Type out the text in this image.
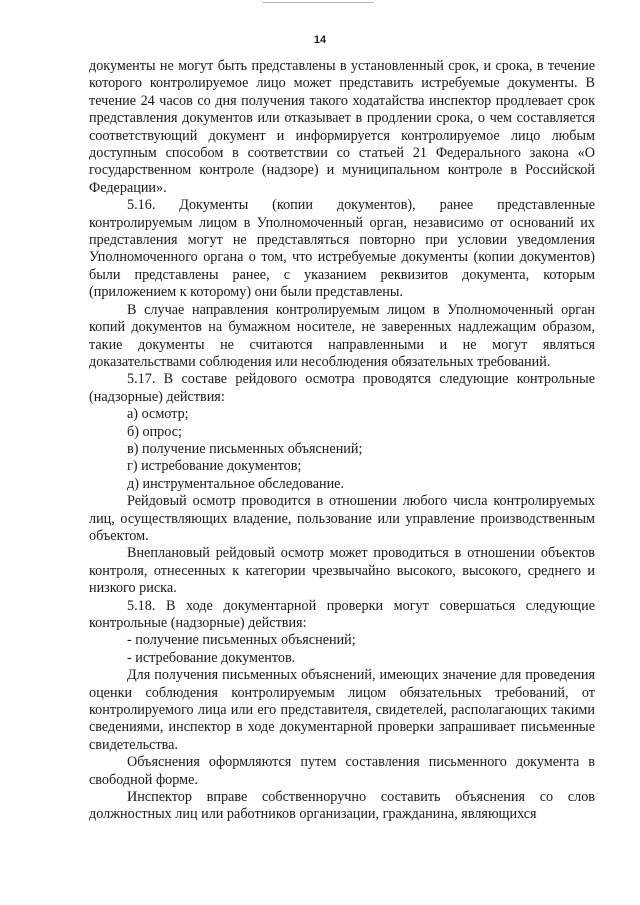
14

документы не могут быть представлены в установленный срок, и срока, в течение которого контролируемое лицо может представить истребуемые документы. В течение 24 часов со дня получения такого ходатайства инспектор продлевает срок представления документов или отказывает в продлении срока, о чем составляется соответствующий документ и информируется контролируемое лицо любым доступным способом в соответствии со статьей 21 Федерального закона «О государственном контроле (надзоре) и муниципальном контроле в Российской Федерации».

5.16. Документы (копии документов), ранее представленные контролируемым лицом в Уполномоченный орган, независимо от оснований их представления могут не представляться повторно при условии уведомления Уполномоченного органа о том, что истребуемые документы (копии документов) были представлены ранее, с указанием реквизитов документа, которым (приложением к которому) они были представлены.

В случае направления контролируемым лицом в Уполномоченный орган копий документов на бумажном носителе, не заверенных надлежащим образом, такие документы не считаются направленными и не могут являться доказательствами соблюдения или несоблюдения обязательных требований.

5.17. В составе рейдового осмотра проводятся следующие контрольные (надзорные) действия:

а) осмотр;

б) опрос;

в) получение письменных объяснений;

г) истребование документов;

д) инструментальное обследование.

Рейдовый осмотр проводится в отношении любого числа контролируемых лиц, осуществляющих владение, пользование или управление производственным объектом.

Внеплановый рейдовый осмотр может проводиться в отношении объектов контроля, отнесенных к категории чрезвычайно высокого, высокого, среднего и низкого риска.

5.18. В ходе документарной проверки могут совершаться следующие контрольные (надзорные) действия:

- получение письменных объяснений;

- истребование документов.

Для получения письменных объяснений, имеющих значение для проведения оценки соблюдения контролируемым лицом обязательных требований, от контролируемого лица или его представителя, свидетелей, располагающих такими сведениями, инспектор в ходе документарной проверки запрашивает письменные свидетельства.

Объяснения оформляются путем составления письменного документа в свободной форме.

Инспектор вправе собственноручно составить объяснения со слов должностных лиц или работников организации, гражданина, являющихся
